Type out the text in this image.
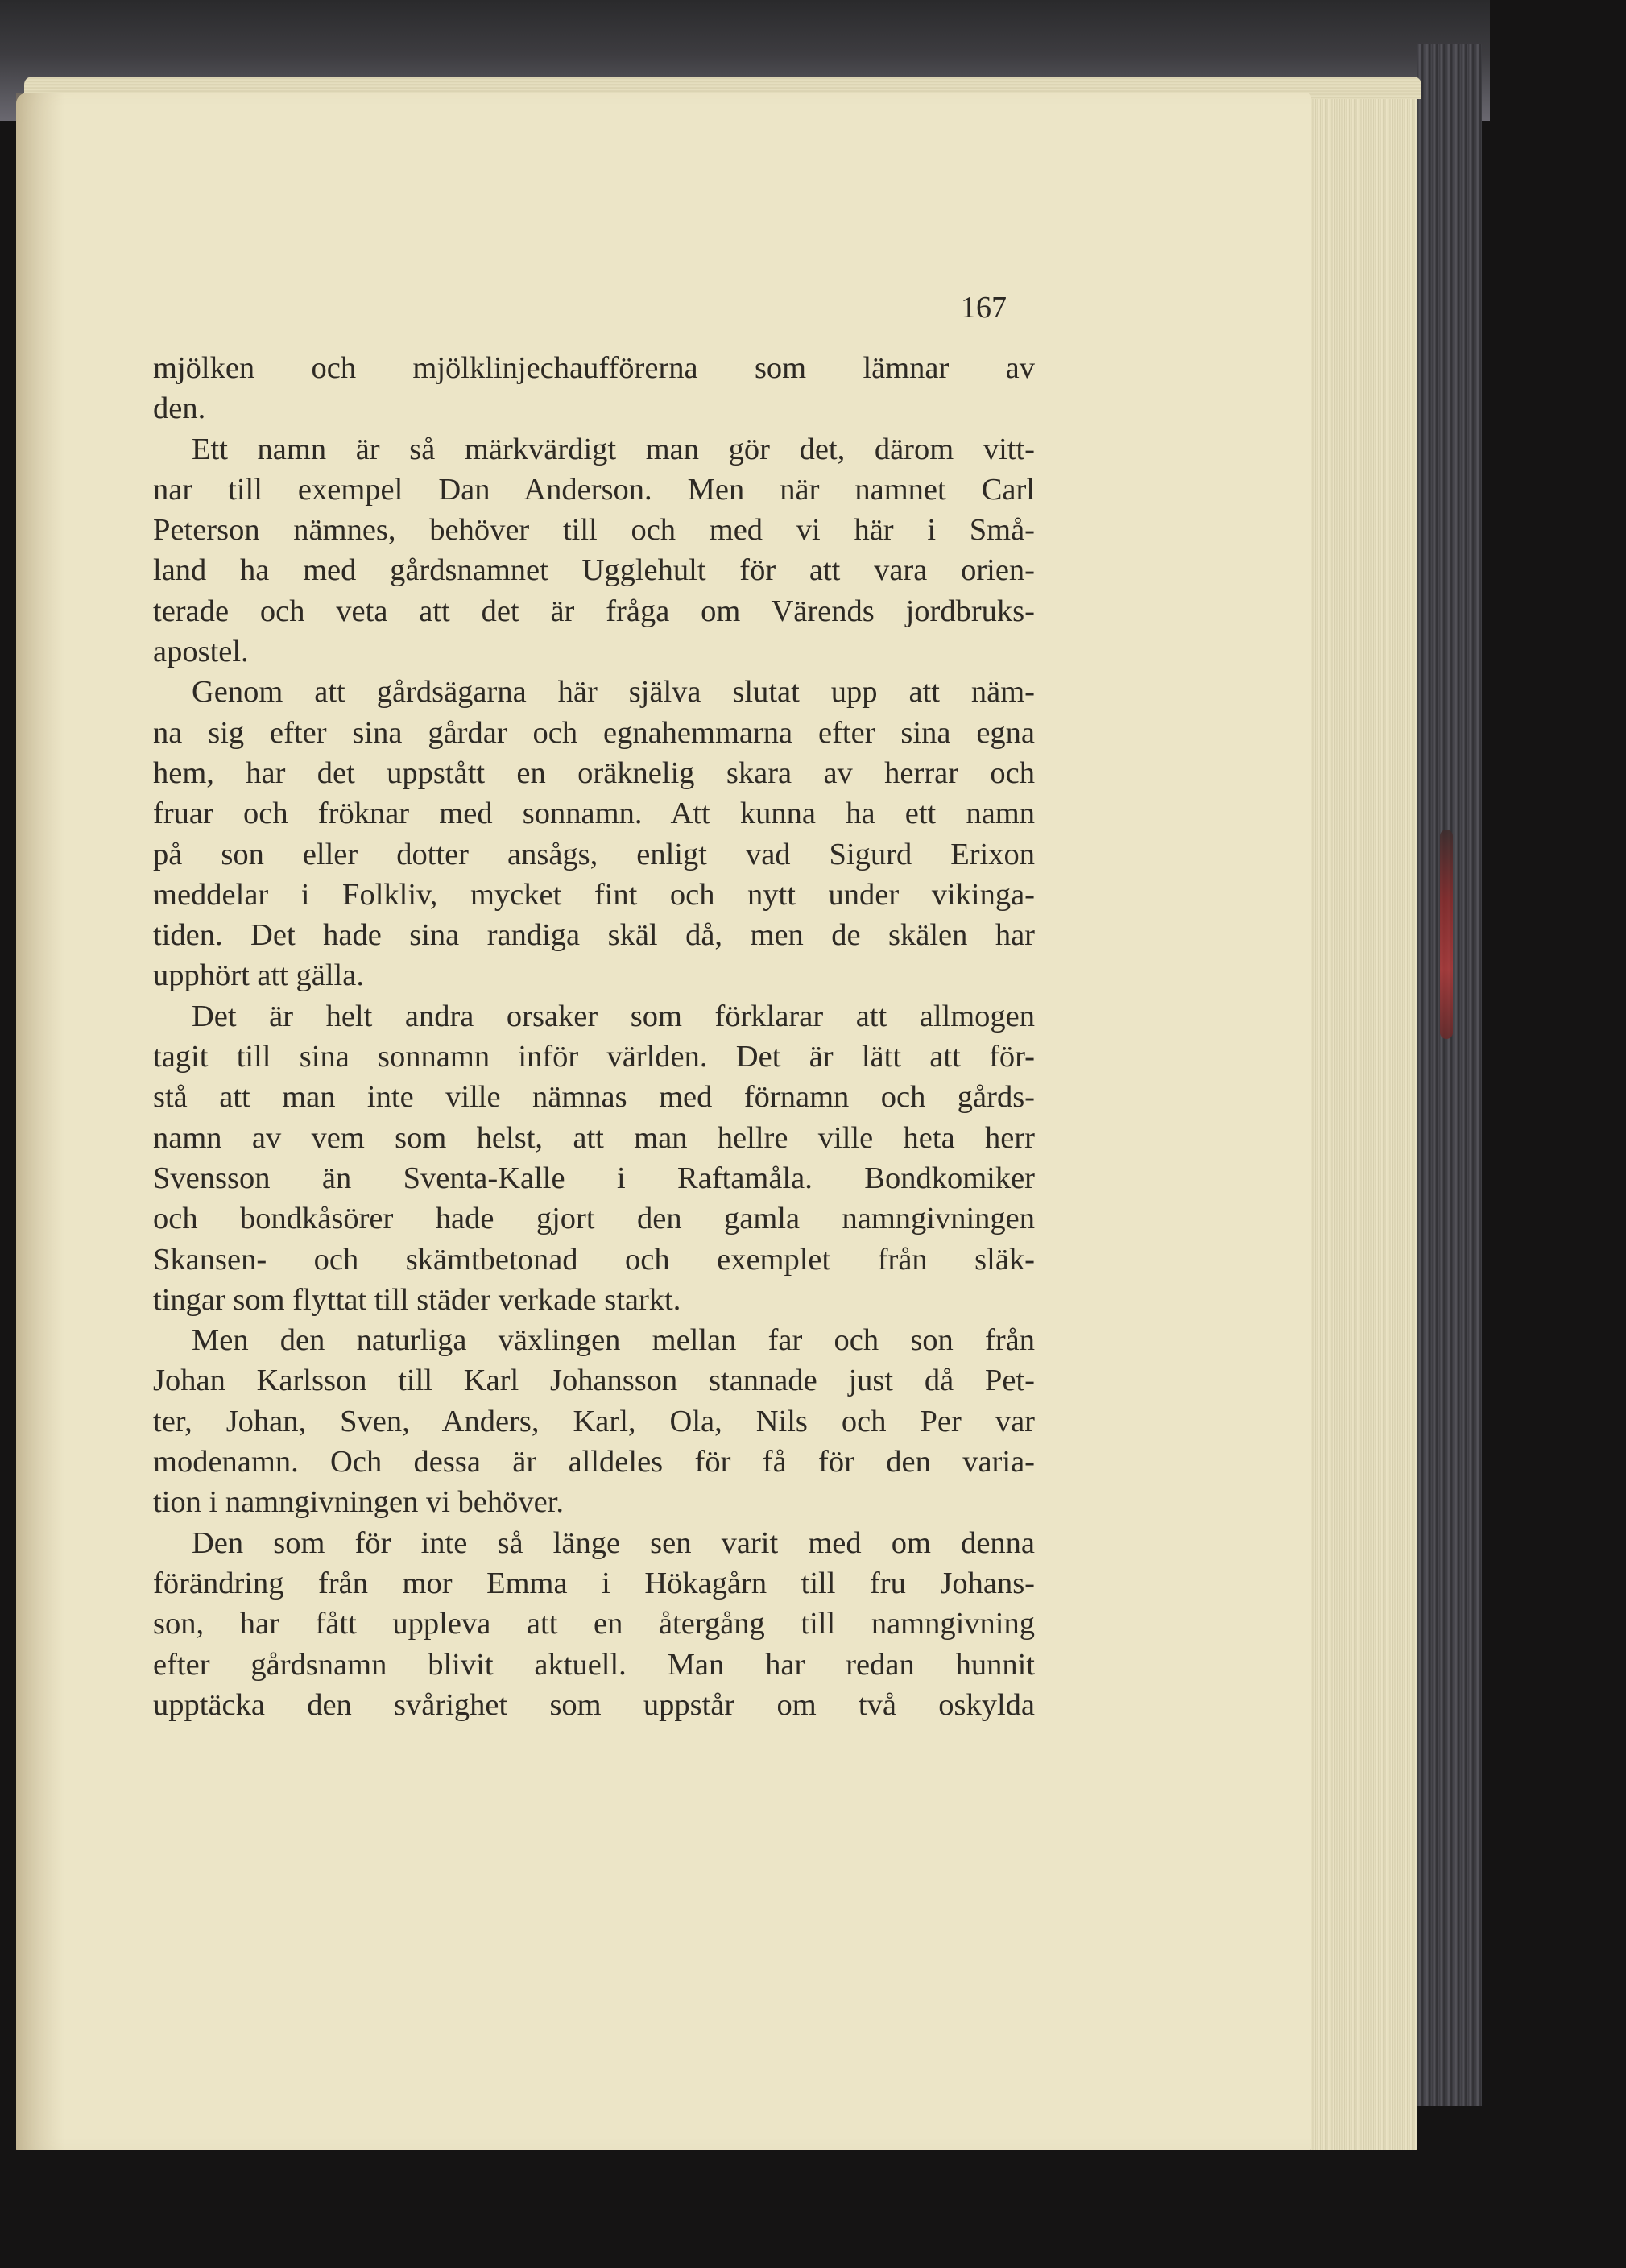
167
mjölken och mjölklinjechaufförerna som lämnar av
den.
Ett namn är så märkvärdigt man gör det, därom vitt-
nar till exempel Dan Anderson. Men när namnet Carl
Peterson nämnes, behöver till och med vi här i Små-
land ha med gårdsnamnet Ugglehult för att vara orien-
terade och veta att det är fråga om Värends jordbruks-
apostel.
Genom att gårdsägarna här själva slutat upp att näm-
na sig efter sina gårdar och egnahemmarna efter sina egna
hem, har det uppstått en oräknelig skara av herrar och
fruar och fröknar med sonnamn. Att kunna ha ett namn
på son eller dotter ansågs, enligt vad Sigurd Erixon
meddelar i Folkliv, mycket fint och nytt under vikinga-
tiden. Det hade sina randiga skäl då, men de skälen har
upphört att gälla.
Det är helt andra orsaker som förklarar att allmogen
tagit till sina sonnamn inför världen. Det är lätt att för-
stå att man inte ville nämnas med förnamn och gårds-
namn av vem som helst, att man hellre ville heta herr
Svensson än Sventa-Kalle i Raftamåla. Bondkomiker
och bondkåsörer hade gjort den gamla namngivningen
Skansen- och skämtbetonad och exemplet från släk-
tingar som flyttat till städer verkade starkt.
Men den naturliga växlingen mellan far och son från
Johan Karlsson till Karl Johansson stannade just då Pet-
ter, Johan, Sven, Anders, Karl, Ola, Nils och Per var
modenamn. Och dessa är alldeles för få för den varia-
tion i namngivningen vi behöver.
Den som för inte så länge sen varit med om denna
förändring från mor Emma i Hökagårn till fru Johans-
son, har fått uppleva att en återgång till namngivning
efter gårdsnamn blivit aktuell. Man har redan hunnit
upptäcka den svårighet som uppstår om två oskylda
